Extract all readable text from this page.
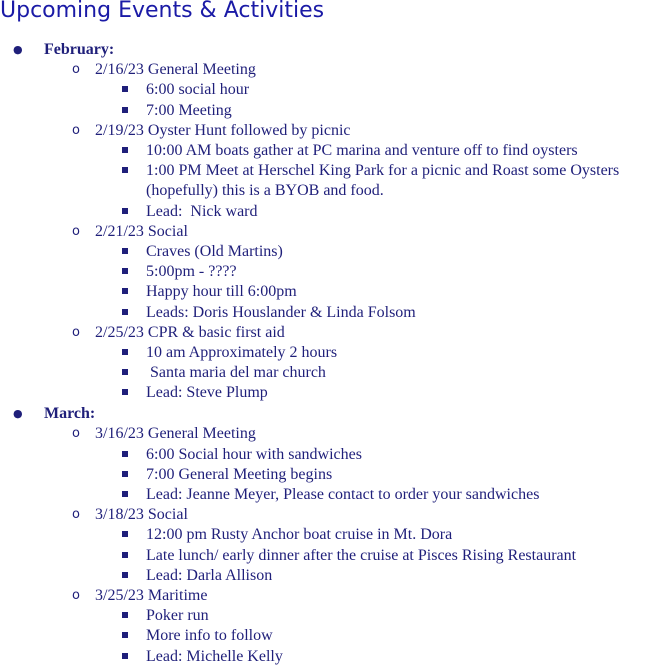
Upcoming Events & Activities
● February:
o 2/16/23 General Meeting
6:00 social hour
7:00 Meeting
o 2/19/23 Oyster Hunt followed by picnic
10:00 AM boats gather at PC marina and venture off to find oysters
1:00 PM Meet at Herschel King Park for a picnic and Roast some Oysters (hopefully) this is a BYOB and food.
Lead:  Nick ward
o 2/21/23 Social
Craves (Old Martins)
5:00pm - ????
Happy hour till 6:00pm
Leads: Doris Houslander & Linda Folsom
o 2/25/23 CPR & basic first aid
10 am Approximately 2 hours
Santa maria del mar church
Lead: Steve Plump
● March:
o 3/16/23 General Meeting
6:00 Social hour with sandwiches
7:00 General Meeting begins
Lead: Jeanne Meyer, Please contact to order your sandwiches
o 3/18/23 Social
12:00 pm Rusty Anchor boat cruise in Mt. Dora
Late lunch/ early dinner after the cruise at Pisces Rising Restaurant
Lead: Darla Allison
o 3/25/23 Maritime
Poker run
More info to follow
Lead: Michelle Kelly
